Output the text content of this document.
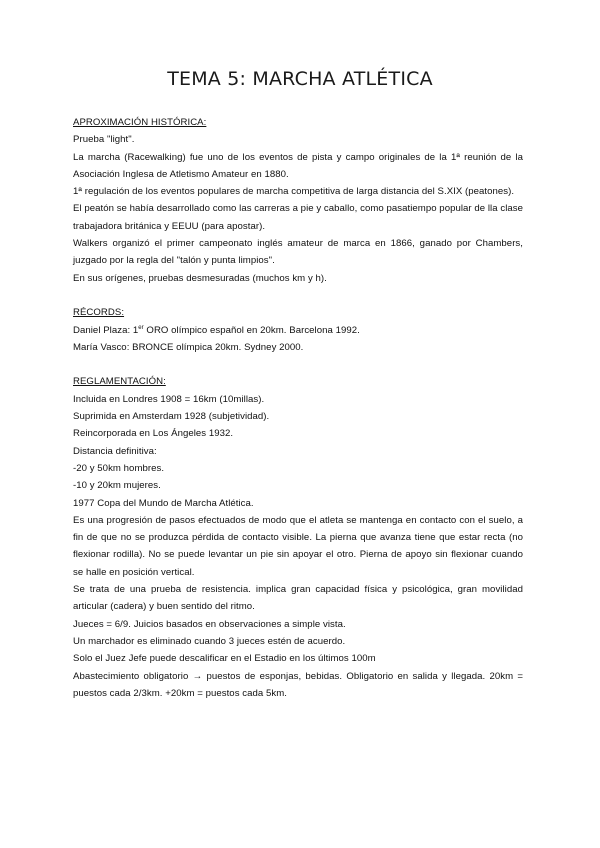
TEMA 5: MARCHA ATLÉTICA

APROXIMACIÓN HISTÓRICA:

Prueba "light".

La marcha (Racewalking) fue uno de los eventos de pista y campo originales de la 1ª reunión de la Asociación Inglesa de Atletismo Amateur en 1880.

1ª regulación de los eventos populares de marcha competitiva de larga distancia del S.XIX (peatones).

El peatón se había desarrollado como las carreras a pie y caballo, como pasatiempo popular de lla clase trabajadora británica y EEUU (para apostar).

Walkers organizó el primer campeonato inglés amateur de marca en 1866, ganado por Chambers, juzgado por la regla del "talón y punta limpios".

En sus orígenes, pruebas desmesuradas (muchos km y h).

RÉCORDS:

Daniel Plaza: 1er ORO olímpico español en 20km. Barcelona 1992.

María Vasco: BRONCE olímpica 20km. Sydney 2000.

REGLAMENTACIÓN:

Incluida en Londres 1908 = 16km (10millas).

Suprimida en Amsterdam 1928 (subjetividad).

Reincorporada en Los Ángeles 1932.

Distancia definitiva:

-20 y 50km hombres.

-10 y 20km mujeres.

1977 Copa del Mundo de Marcha Atlética.

Es una progresión de pasos efectuados de modo que el atleta se mantenga en contacto con el suelo, a fin de que no se produzca pérdida de contacto visible. La pierna que avanza tiene que estar recta (no flexionar rodilla). No se puede levantar un pie sin apoyar el otro. Pierna de apoyo sin flexionar cuando se halle en posición vertical.

Se trata de una prueba de resistencia. implica gran capacidad física y psicológica, gran movilidad articular (cadera) y buen sentido del ritmo.

Jueces = 6/9. Juicios basados en observaciones a simple vista.

Un marchador es eliminado cuando 3 jueces estén de acuerdo.

Solo el Juez Jefe puede descalificar en el Estadio en los últimos 100m

Abastecimiento obligatorio → puestos de esponjas, bebidas. Obligatorio en salida y llegada. 20km = puestos cada 2/3km. +20km = puestos cada 5km.
